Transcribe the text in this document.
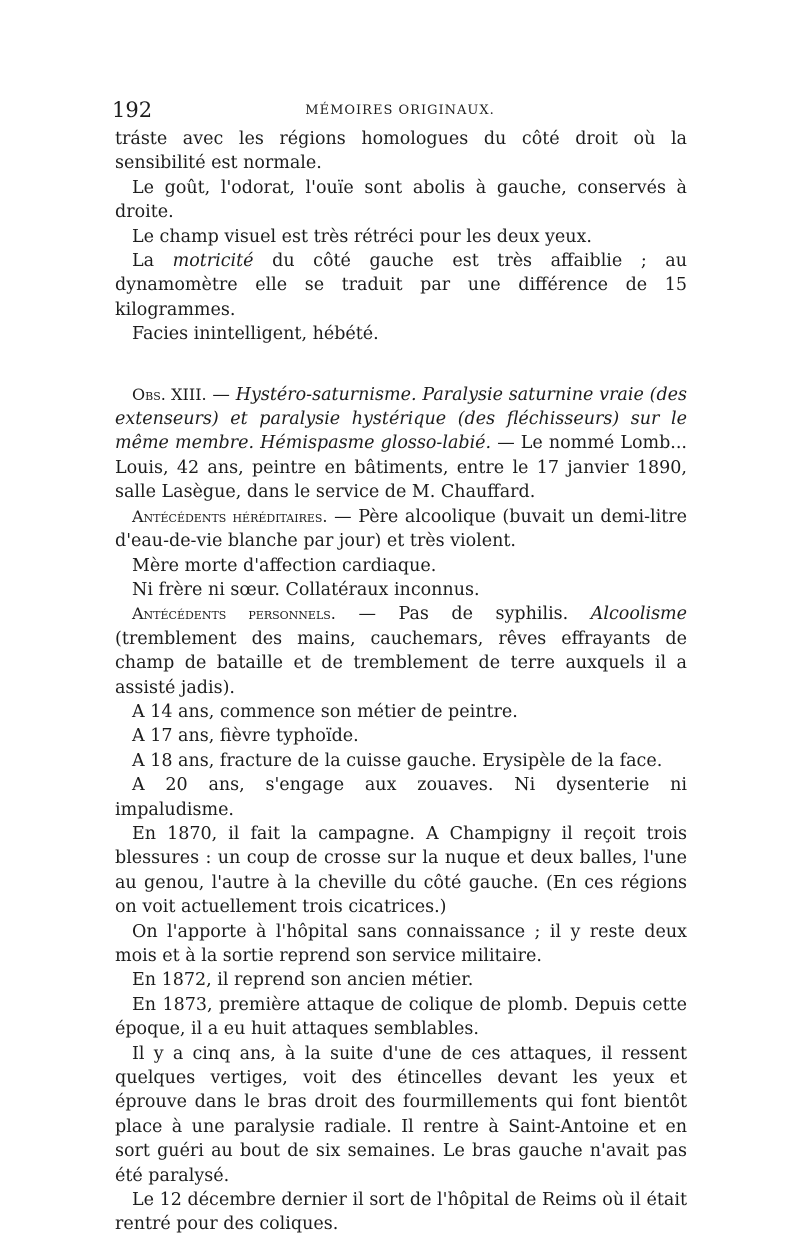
192	MÉMOIRES ORIGINAUX.

tráste avec les régions homologues du côté droit où la sensibilité est normale.

Le goût, l'odorat, l'ouïe sont abolis à gauche, conservés à droite.

Le champ visuel est très rétréci pour les deux yeux.

La motricité du côté gauche est très affaiblie ; au dynamomètre elle se traduit par une différence de 15 kilogrammes.

Facies inintelligent, hébété.

Obs. XIII. — Hystéro-saturnisme. Paralysie saturnine vraie (des extenseurs) et paralysie hystérique (des fléchisseurs) sur le même membre. Hémispasme glosso-labié. — Le nommé Lomb... Louis, 42 ans, peintre en bâtiments, entre le 17 janvier 1890, salle Lasègue, dans le service de M. Chauffard.

Antécédents héréditaires. — Père alcoolique (buvait un demi-litre d'eau-de-vie blanche par jour) et très violent.

Mère morte d'affection cardiaque.

Ni frère ni sœur. Collatéraux inconnus.

Antécédents personnels. — Pas de syphilis. Alcoolisme (tremblement des mains, cauchemars, rêves effrayants de champ de bataille et de tremblement de terre auxquels il a assisté jadis).

A 14 ans, commence son métier de peintre.

A 17 ans, fièvre typhoïde.

A 18 ans, fracture de la cuisse gauche. Erysipèle de la face.

A 20 ans, s'engage aux zouaves. Ni dysenterie ni impaludisme.

En 1870, il fait la campagne. A Champigny il reçoit trois blessures : un coup de crosse sur la nuque et deux balles, l'une au genou, l'autre à la cheville du côté gauche. (En ces régions on voit actuellement trois cicatrices.)

On l'apporte à l'hôpital sans connaissance ; il y reste deux mois et à la sortie reprend son service militaire.

En 1872, il reprend son ancien métier.

En 1873, première attaque de colique de plomb. Depuis cette époque, il a eu huit attaques semblables.

Il y a cinq ans, à la suite d'une de ces attaques, il ressent quelques vertiges, voit des étincelles devant les yeux et éprouve dans le bras droit des fourmillements qui font bientôt place à une paralysie radiale. Il rentre à Saint-Antoine et en sort guéri au bout de six semaines. Le bras gauche n'avait pas été paralysé.

Le 12 décembre dernier il sort de l'hôpital de Reims où il était rentré pour des coliques.
